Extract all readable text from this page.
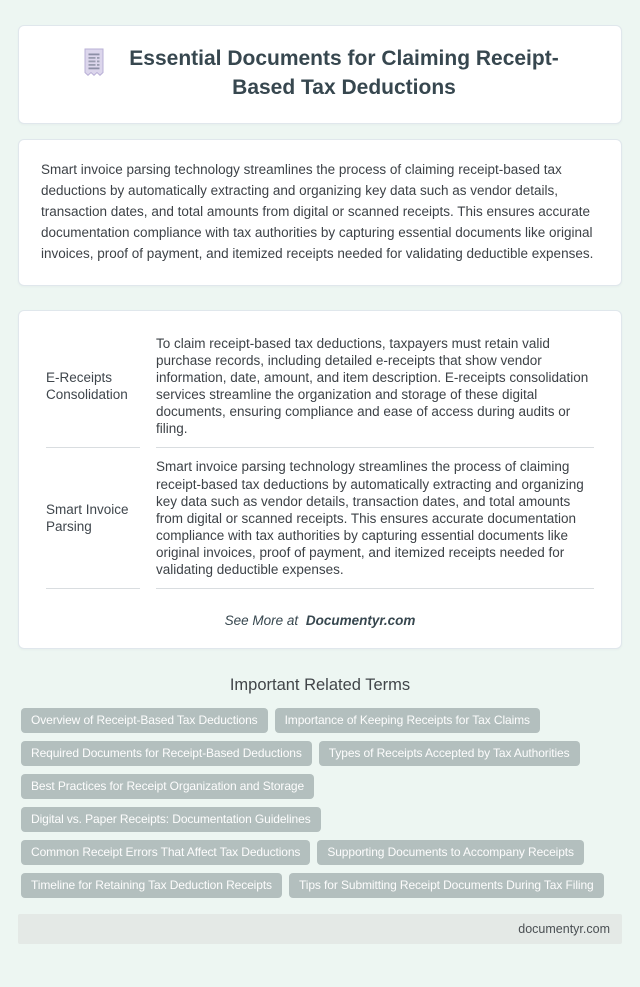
Essential Documents for Claiming Receipt-Based Tax Deductions

Smart invoice parsing technology streamlines the process of claiming receipt-based tax deductions by automatically extracting and organizing key data such as vendor details, transaction dates, and total amounts from digital or scanned receipts. This ensures accurate documentation compliance with tax authorities by capturing essential documents like original invoices, proof of payment, and itemized receipts needed for validating deductible expenses.

E-Receipts Consolidation	To claim receipt-based tax deductions, taxpayers must retain valid purchase records, including detailed e-receipts that show vendor information, date, amount, and item description. E-receipts consolidation services streamline the organization and storage of these digital documents, ensuring compliance and ease of access during audits or filing.
Smart Invoice Parsing	Smart invoice parsing technology streamlines the process of claiming receipt-based tax deductions by automatically extracting and organizing key data such as vendor details, transaction dates, and total amounts from digital or scanned receipts. This ensures accurate documentation compliance with tax authorities by capturing essential documents like original invoices, proof of payment, and itemized receipts needed for validating deductible expenses.
See More at Documentyr.com
Important Related Terms
Overview of Receipt-Based Tax Deductions	Importance of Keeping Receipts for Tax Claims
Required Documents for Receipt-Based Deductions	Types of Receipts Accepted by Tax Authorities
Best Practices for Receipt Organization and Storage
Digital vs. Paper Receipts: Documentation Guidelines
Common Receipt Errors That Affect Tax Deductions	Supporting Documents to Accompany Receipts
Timeline for Retaining Tax Deduction Receipts	Tips for Submitting Receipt Documents During Tax Filing
documentyr.com
